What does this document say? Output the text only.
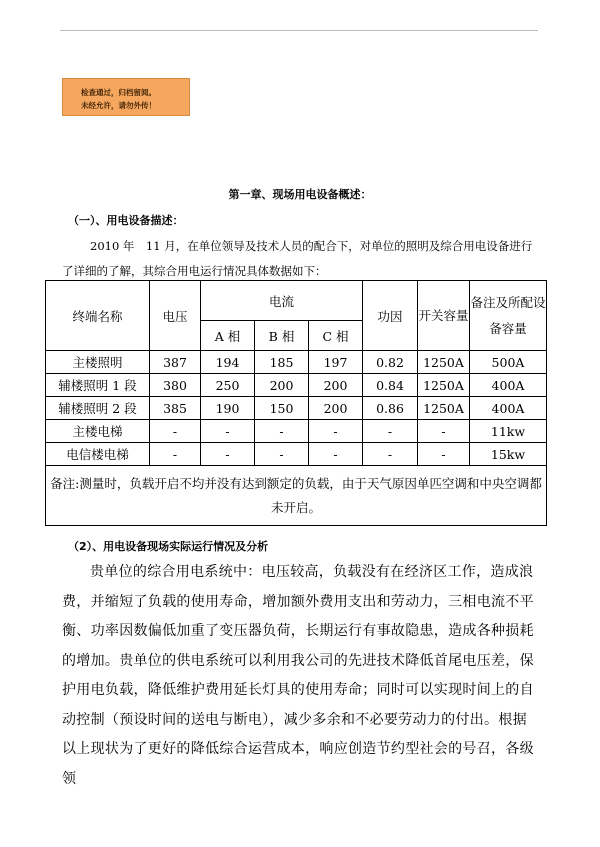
检查通过，归档留阅。
未经允许，请勿外传！
第一章、现场用电设备概述：
（一）、用电设备描述：
2010 年　11 月，在单位领导及技术人员的配合下，对单位的照明及综合用电设备进行了详细的了解，其综合用电运行情况具体数据如下：
终端名称	电压	电流			功因	开关容量	备注及所配设备容量
		A 相	B 相	C 相			
主楼照明	387	194	185	197	0.82	1250A	500A
辅楼照明 1 段	380	250	200	200	0.84	1250A	400A
辅楼照明 2 段	385	190	150	200	0.86	1250A	400A
主楼电梯	-	-	-	-	-	-	11kw
电信楼电梯	-	-	-	-	-	-	15kw
备注:测量时，负载开启不均并没有达到额定的负载，由于天气原因单匹空调和中央空调都未开启。							
（2）、用电设备现场实际运行情况及分析
贵单位的综合用电系统中：电压较高，负载没有在经济区工作，造成浪费，并缩短了负载的使用寿命，增加额外费用支出和劳动力，三相电流不平衡、功率因数偏低加重了变压器负荷，长期运行有事故隐患，造成各种损耗的增加。贵单位的供电系统可以利用我公司的先进技术降低首尾电压差，保护用电负载，降低维护费用延长灯具的使用寿命；同时可以实现时间上的自动控制（预设时间的送电与断电），减少多余和不必要劳动力的付出。根据以上现状为了更好的降低综合运营成本，响应创造节约型社会的号召，各级领
